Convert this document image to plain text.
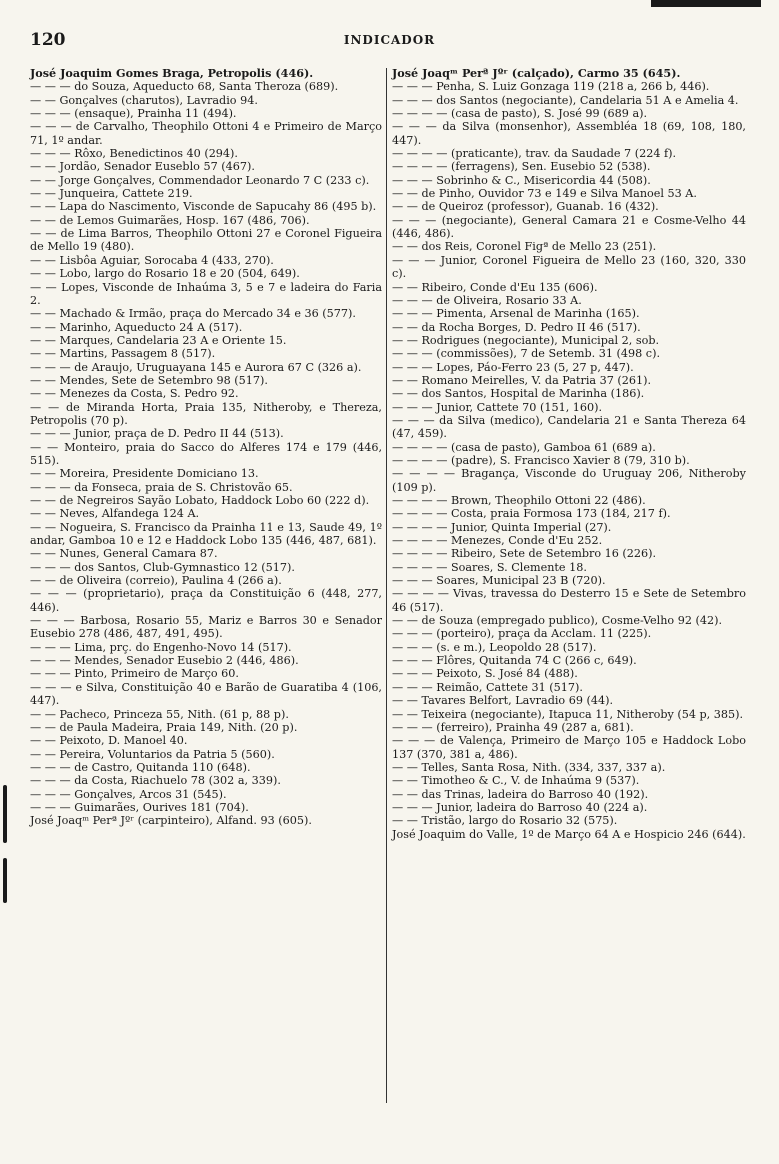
120	INDICADOR
José Joaquim Gomes Braga, Petropolis (446).
— — — do Souza, Aqueducto 68, Santa Theroza (689).
— — Gonçalves (charutos), Lavradio 94.
— — — (ensaque), Prainha 11 (494).
— — — de Carvalho, Theophilo Ottoni 4 e Primeiro de Março 71, 1º andar.
— — — Rôxo, Benedictinos 40 (294).
— — Jordão, Senador Euseblo 57 (467).
— — Jorge Gonçalves, Commendador Leonardo 7 C (233 c).
— — Junqueira, Cattete 219.
— — Lapa do Nascimento, Visconde de Sapucahy 86 (495 b).
— — de Lemos Guimarães, Hosp. 167 (486, 706).
— — de Lima Barros, Theophilo Ottoni 27 e Coronel Figueira de Mello 19 (480).
— — Lisbôa Aguiar, Sorocaba 4 (433, 270).
— — Lobo, largo do Rosario 18 e 20 (504, 649).
— — Lopes, Visconde de Inhaúma 3, 5 e 7 e ladeira do Faria 2.
— — Machado & Irmão, praça do Mercado 34 e 36 (577).
— — Marinho, Aqueducto 24 A (517).
— — Marques, Candelaria 23 A e Oriente 15.
— — Martins, Passagem 8 (517).
— — — de Araujo, Uruguayana 145 e Aurora 67 C (326 a).
— — Mendes, Sete de Setembro 98 (517).
— — Menezes da Costa, S. Pedro 92.
— — de Miranda Horta, Praia 135, Nitheroby, e Thereza, Petropolis (70 p).
— — — Junior, praça de D. Pedro II 44 (513).
— — Monteiro, praia do Sacco do Alferes 174 e 179 (446, 515).
— — Moreira, Presidente Domiciano 13.
— — — da Fonseca, praia de S. Christovão 65.
— — de Negreiros Sayão Lobato, Haddock Lobo 60 (222 d).
— — Neves, Alfandega 124 A.
— — Nogueira, S. Francisco da Prainha 11 e 13, Saude 49, 1º andar, Gamboa 10 e 12 e Haddock Lobo 135 (446, 487, 681).
— — Nunes, General Camara 87.
— — — dos Santos, Club-Gymnastico 12 (517).
— — de Oliveira (correio), Paulina 4 (266 a).
— — — (proprietario), praça da Constituição 6 (448, 277, 446).
— — — Barbosa, Rosario 55, Mariz e Barros 30 e Senador Eusebio 278 (486, 487, 491, 495).
— — — Lima, prç. do Engenho-Novo 14 (517).
— — — Mendes, Senador Eusebio 2 (446, 486).
— — — Pinto, Primeiro de Março 60.
— — — e Silva, Constituição 40 e Barão de Guaratiba 4 (106, 447).
— — Pacheco, Princeza 55, Nith. (61 p, 88 p).
— — de Paula Madeira, Praia 149, Nith. (20 p).
— — Peixoto, D. Manoel 40.
— — Pereira, Voluntarios da Patria 5 (560).
— — — de Castro, Quitanda 110 (648).
— — — da Costa, Riachuelo 78 (302 a, 339).
— — — Gonçalves, Arcos 31 (545).
— — — Guimarães, Ourives 181 (704).
José Joaqᵐ Perª Jºʳ (carpinteiro), Alfand. 93 (605).
José Joaqᵐ Perª Jºʳ (calçado), Carmo 35 (645).
— — — Penha, S. Luiz Gonzaga 119 (218 a, 266 b, 446).
— — — dos Santos (negociante), Candelaria 51 A e Amelia 4.
— — — — (casa de pasto), S. José 99 (689 a).
— — — da Silva (monsenhor), Assembléa 18 (69, 108, 180, 447).
— — — — (praticante), trav. da Saudade 7 (224 f).
— — — — (ferragens), Sen. Eusebio 52 (538).
— — — Sobrinho & C., Misericordia 44 (508).
— — de Pinho, Ouvidor 73 e 149 e Silva Manoel 53 A.
— — de Queiroz (professor), Guanab. 16 (432).
— — — (negociante), General Camara 21 e Cosme-Velho 44 (446, 486).
— — dos Reis, Coronel Figª de Mello 23 (251).
— — — Junior, Coronel Figueira de Mello 23 (160, 320, 330 c).
— — Ribeiro, Conde d'Eu 135 (606).
— — — de Oliveira, Rosario 33 A.
— — — Pimenta, Arsenal de Marinha (165).
— — da Rocha Borges, D. Pedro II 46 (517).
— — Rodrigues (negociante), Municipal 2, sob.
— — — (commissões), 7 de Setemb. 31 (498 c).
— — — Lopes, Páo-Ferro 23 (5, 27 p, 447).
— — Romano Meirelles, V. da Patria 37 (261).
— — dos Santos, Hospital de Marinha (186).
— — — Junior, Cattete 70 (151, 160).
— — — da Silva (medico), Candelaria 21 e Santa Thereza 64 (47, 459).
— — — — (casa de pasto), Gamboa 61 (689 a).
— — — — (padre), S. Francisco Xavier 8 (79, 310 b).
— — — — Bragança, Visconde do Uruguay 206, Nitheroby (109 p).
— — — — Brown, Theophilo Ottoni 22 (486).
— — — — Costa, praia Formosa 173 (184, 217 f).
— — — — Junior, Quinta Imperial (27).
— — — — Menezes, Conde d'Eu 252.
— — — — Ribeiro, Sete de Setembro 16 (226).
— — — — Soares, S. Clemente 18.
— — — Soares, Municipal 23 B (720).
— — — — Vivas, travessa do Desterro 15 e Sete de Setembro 46 (517).
— — de Souza (empregado publico), Cosme-Velho 92 (42).
— — — (porteiro), praça da Acclam. 11 (225).
— — — (s. e m.), Leopoldo 28 (517).
— — — Flôres, Quitanda 74 C (266 c, 649).
— — — Peixoto, S. José 84 (488).
— — — Reimão, Cattete 31 (517).
— — Tavares Belfort, Lavradio 69 (44).
— — Teixeira (negociante), Itapuca 11, Nitheroby (54 p, 385).
— — — (ferreiro), Prainha 49 (287 a, 681).
— — — de Valença, Primeiro de Março 105 e Haddock Lobo 137 (370, 381 a, 486).
— — Telles, Santa Rosa, Nith. (334, 337, 337 a).
— — Timotheo & C., V. de Inhaúma 9 (537).
— — das Trinas, ladeira do Barroso 40 (192).
— — — Junior, ladeira do Barroso 40 (224 a).
— — Tristão, largo do Rosario 32 (575).
José Joaquim do Valle, 1º de Março 64 A e Hospicio 246 (644).
